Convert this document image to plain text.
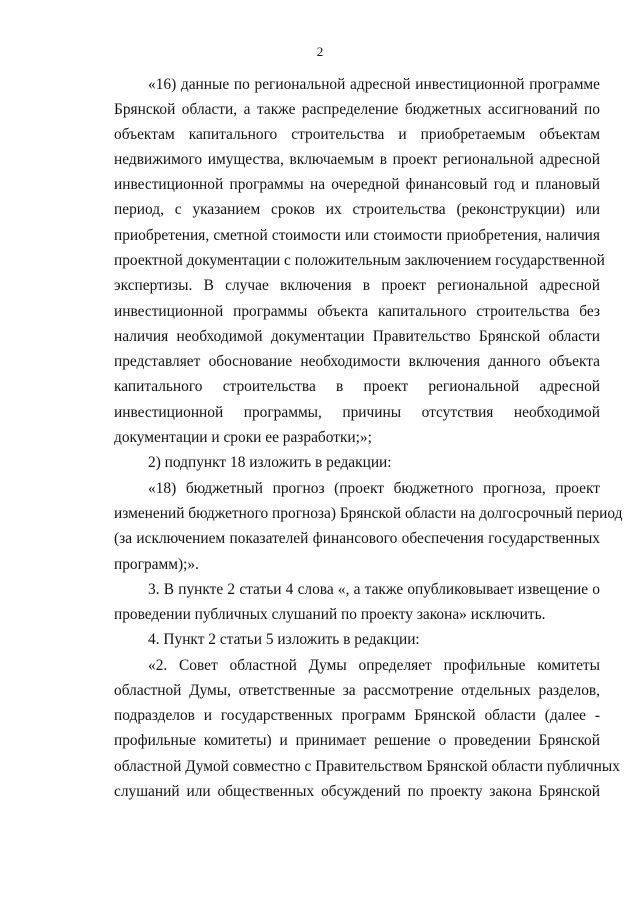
2
«16) данные по региональной адресной инвестиционной программе
Брянской области, а также распределение бюджетных ассигнований по
объектам капитального строительства и приобретаемым объектам
недвижимого имущества, включаемым в проект региональной адресной
инвестиционной программы на очередной финансовый год и плановый
период, с указанием сроков их строительства (реконструкции) или
приобретения, сметной стоимости или стоимости приобретения, наличия
проектной документации с положительным заключением государственной
экспертизы. В случае включения в проект региональной адресной
инвестиционной программы объекта капитального строительства без
наличия необходимой документации Правительство Брянской области
представляет обоснование необходимости включения данного объекта
капитального строительства в проект региональной адресной
инвестиционной программы, причины отсутствия необходимой
документации и сроки ее разработки;»;
2) подпункт 18 изложить в редакции:
«18) бюджетный прогноз (проект бюджетного прогноза, проект
изменений бюджетного прогноза) Брянской области на долгосрочный период
(за исключением показателей финансового обеспечения государственных
программ);».
3. В пункте 2 статьи 4 слова «, а также опубликовывает извещение о
проведении публичных слушаний по проекту закона» исключить.
4. Пункт 2 статьи 5 изложить в редакции:
«2. Совет областной Думы определяет профильные комитеты
областной Думы, ответственные за рассмотрение отдельных разделов,
подразделов и государственных программ Брянской области (далее -
профильные комитеты) и принимает решение о проведении Брянской
областной Думой совместно с Правительством Брянской области публичных
слушаний или общественных обсуждений по проекту закона Брянской
